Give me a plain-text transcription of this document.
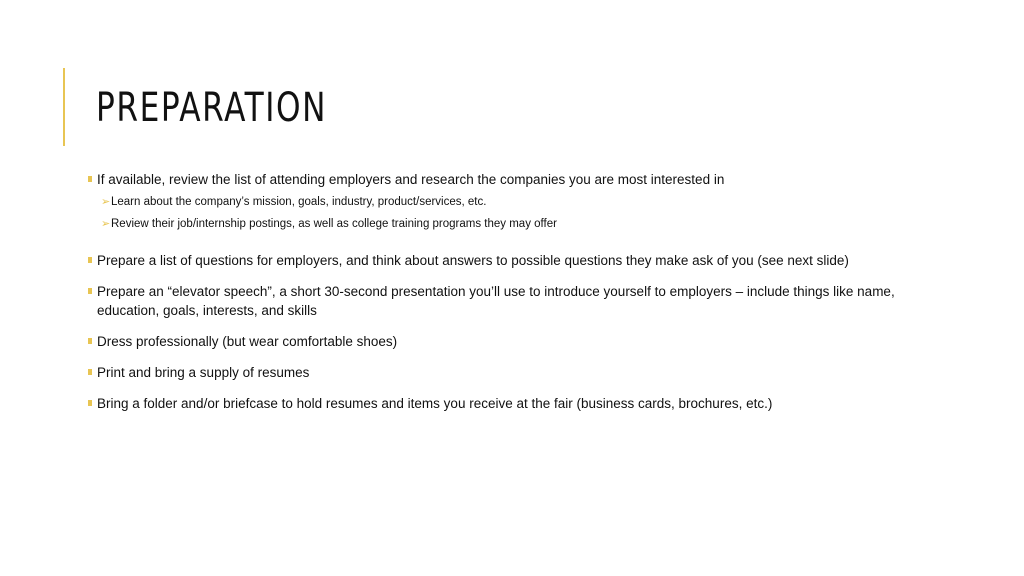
PREPARATION
If available, review the list of attending employers and research the companies you are most interested in
➢ Learn about the company’s mission, goals, industry, product/services, etc.
➢ Review their job/internship postings, as well as college training programs they may offer
Prepare a list of questions for employers, and think about answers to possible questions they make ask of you (see next slide)
Prepare an “elevator speech”, a short 30-second presentation you’ll use to introduce yourself to employers – include things like name, education, goals, interests, and skills
Dress professionally (but wear comfortable shoes)
Print and bring a supply of resumes
Bring a folder and/or briefcase to hold resumes and items you receive at the fair (business cards, brochures, etc.)
